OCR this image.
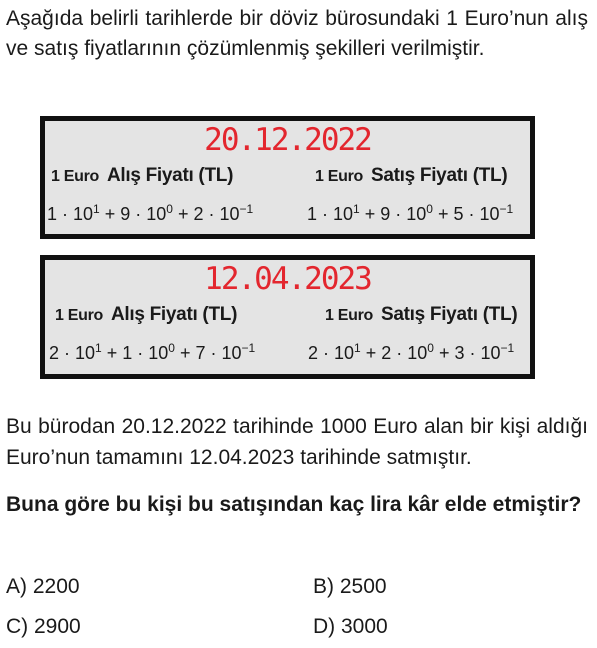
Aşağıda belirli tarihlerde bir döviz bürosundaki 1 Euro’nun alış ve satış fiyatlarının çözümlenmiş şekilleri verilmiştir.
20.12.2022
1 Euro Alış Fiyatı (TL)	1 Euro Satış Fiyatı (TL)
$1 \cdot 10^1 + 9 \cdot 10^0 + 2 \cdot 10^{-1}$	$1 \cdot 10^1 + 9 \cdot 10^0 + 5 \cdot 10^{-1}$
12.04.2023
1 Euro Alış Fiyatı (TL)	1 Euro Satış Fiyatı (TL)
$2 \cdot 10^1 + 1 \cdot 10^0 + 7 \cdot 10^{-1}$	$2 \cdot 10^1 + 2 \cdot 10^0 + 3 \cdot 10^{-1}$
Bu bürodan 20.12.2022 tarihinde 1000 Euro alan bir kişi aldığı Euro’nun tamamını 12.04.2023 tarihinde satmıştır.
Buna göre bu kişi bu satışından kaç lira kâr elde etmiştir?
A) 2200	B) 2500
C) 2900	D) 3000
